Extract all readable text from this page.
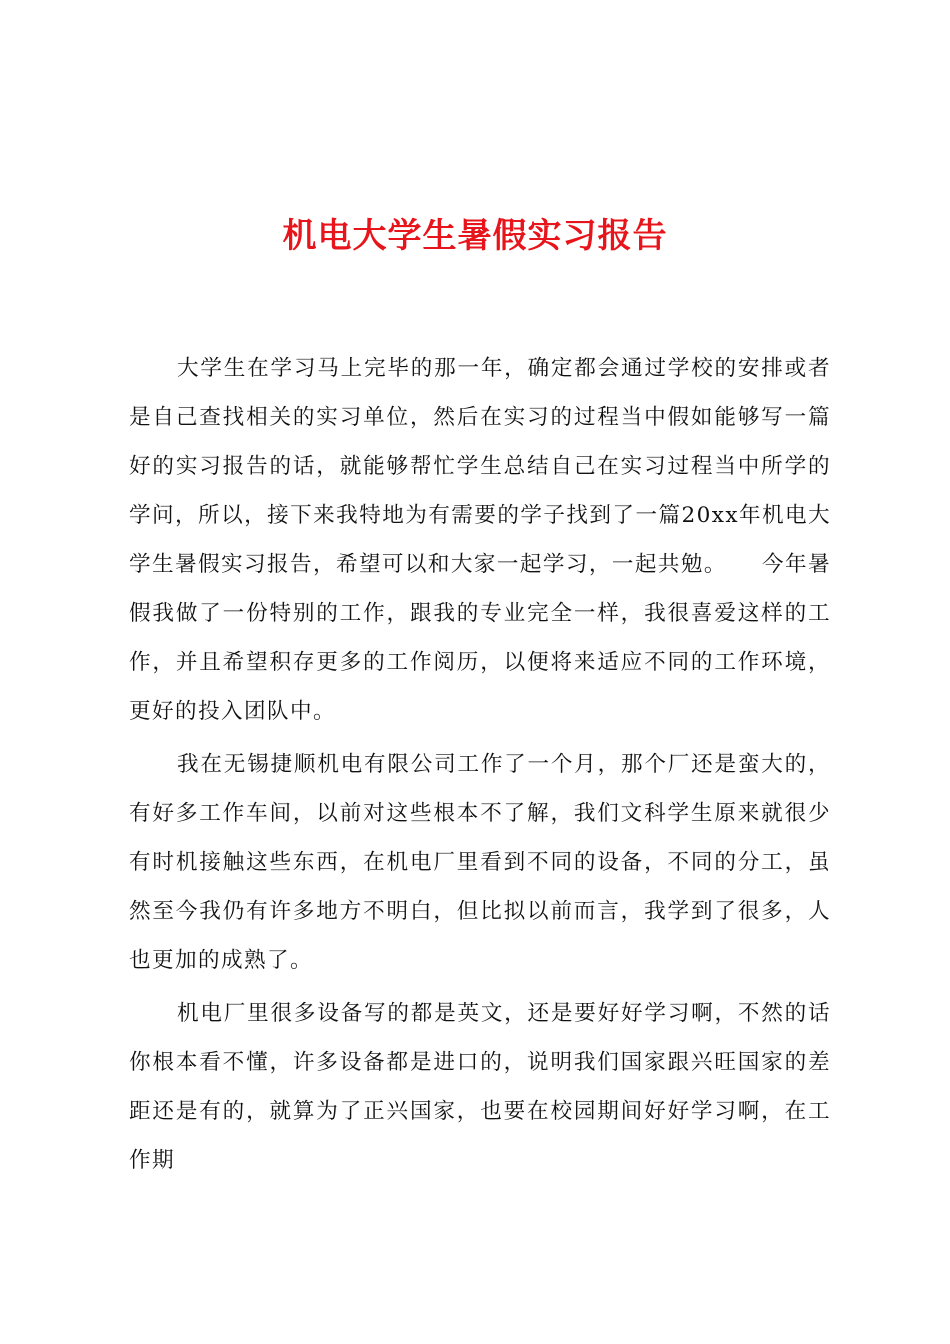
机电大学生暑假实习报告

大学生在学习马上完毕的那一年，确定都会通过学校的安排或者是自己查找相关的实习单位，然后在实习的过程当中假如能够写一篇好的实习报告的话，就能够帮忙学生总结自己在实习过程当中所学的学问，所以，接下来我特地为有需要的学子找到了一篇20xx年机电大学生暑假实习报告，希望可以和大家一起学习，一起共勉。　　今年暑假我做了一份特别的工作，跟我的专业完全一样，我很喜爱这样的工作，并且希望积存更多的工作阅历，以便将来适应不同的工作环境，更好的投入团队中。

我在无锡捷顺机电有限公司工作了一个月，那个厂还是蛮大的，有好多工作车间，以前对这些根本不了解，我们文科学生原来就很少有时机接触这些东西，在机电厂里看到不同的设备，不同的分工，虽然至今我仍有许多地方不明白，但比拟以前而言，我学到了很多，人也更加的成熟了。

机电厂里很多设备写的都是英文，还是要好好学习啊，不然的话你根本看不懂，许多设备都是进口的，说明我们国家跟兴旺国家的差距还是有的，就算为了正兴国家，也要在校园期间好好学习啊，在工作期
